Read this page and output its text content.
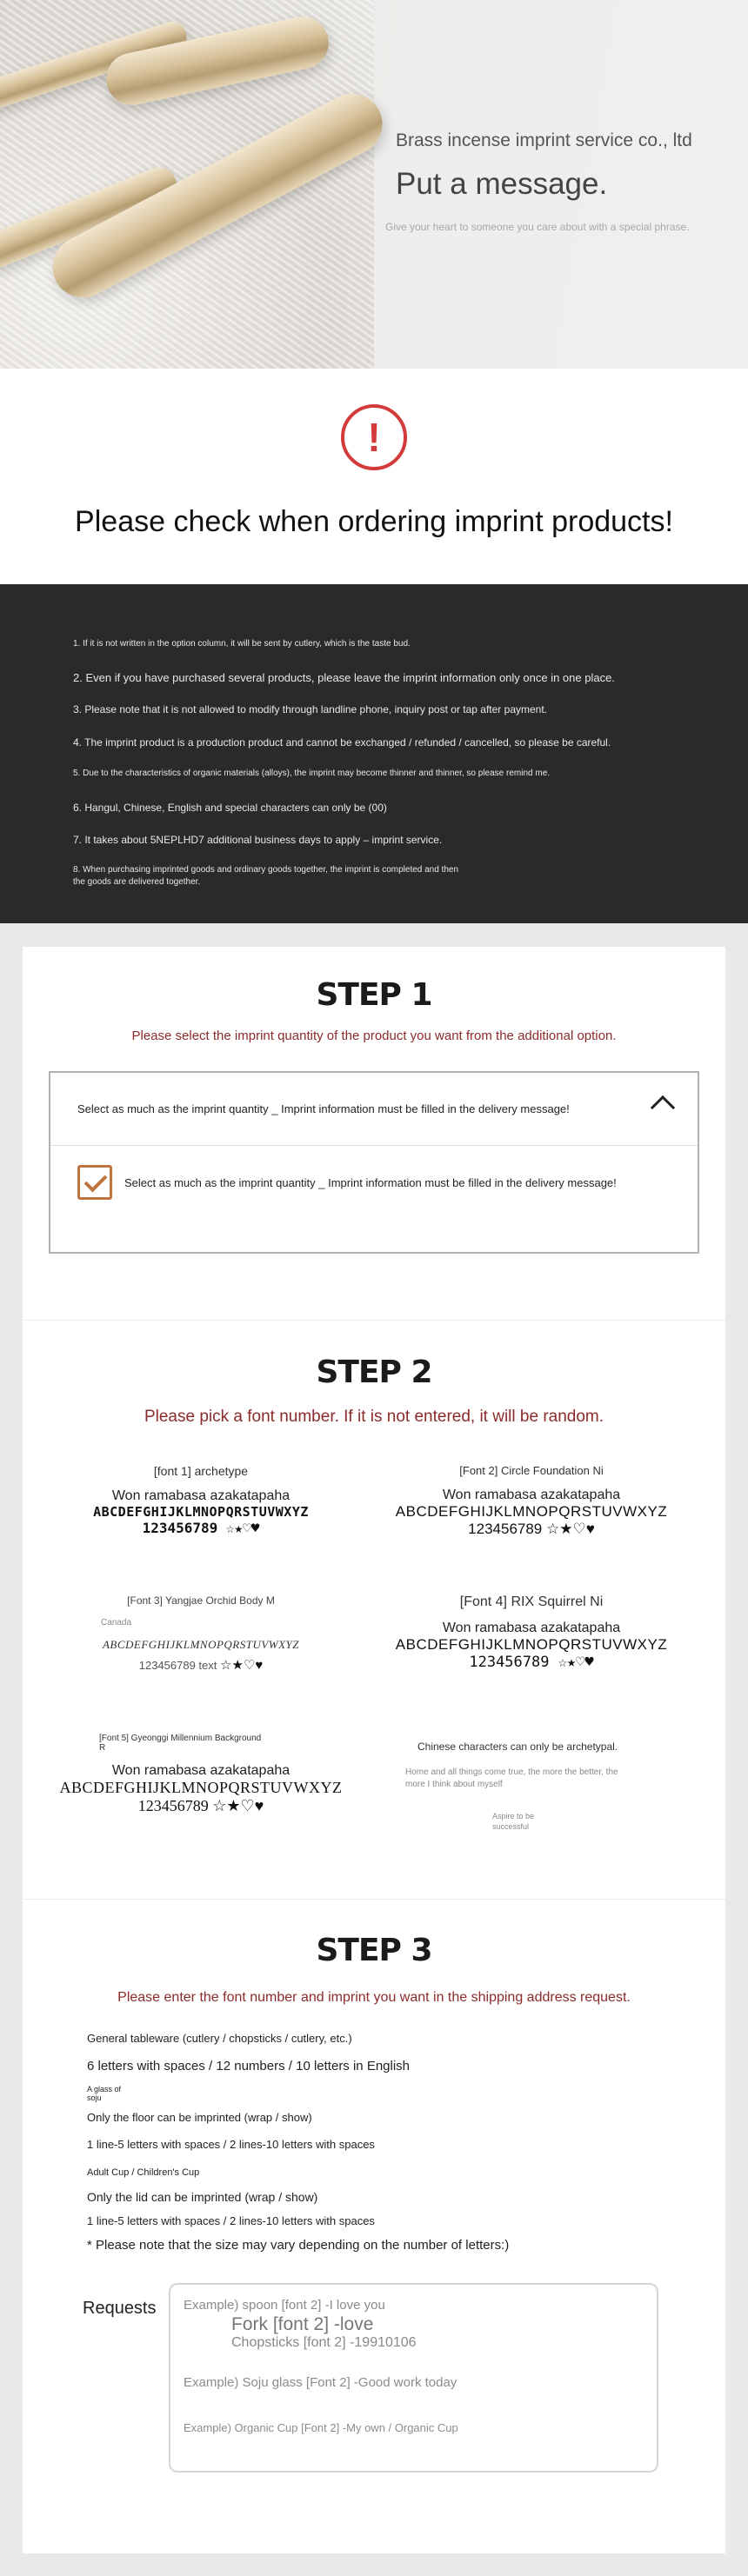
Brass incense imprint service co., ltd
Put a message.
Give your heart to someone you care about with a special phrase.
!
Please check when ordering imprint products!
1. If it is not written in the option column, it will be sent by cutlery, which is the taste bud.
2. Even if you have purchased several products, please leave the imprint information only once in one place.
3. Please note that it is not allowed to modify through landline phone, inquiry post or tap after payment.
4. The imprint product is a production product and cannot be exchanged / refunded / cancelled, so please be careful.
5. Due to the characteristics of organic materials (alloys), the imprint may become thinner and thinner, so please remind me.
6. Hangul, Chinese, English and special characters can only be (00)
7. It takes about 5NEPLHD7 additional business days to apply – imprint service.
8. When purchasing imprinted goods and ordinary goods together, the imprint is completed and then
the goods are delivered together.
STEP 1
Please select the imprint quantity of the product you want from the additional option.
Select as much as the imprint quantity _ Imprint information must be filled in the delivery message!
Select as much as the imprint quantity _ Imprint information must be filled in the delivery message!
STEP 2
Please pick a font number. If it is not entered, it will be random.
[font 1] archetype
Won ramabasa azakatapaha
ABCDEFGHIJKLMNOPQRSTUVWXYZ
123456789 ☆★♡♥
[Font 2] Circle Foundation Ni
Won ramabasa azakatapaha
ABCDEFGHIJKLMNOPQRSTUVWXYZ
123456789 ☆★♡♥
[Font 3] Yangjae Orchid Body M
Canada
ABCDEFGHIJKLMNOPQRSTUVWXYZ
123456789 text ☆★♡♥
[Font 4] RIX Squirrel Ni
Won ramabasa azakatapaha
ABCDEFGHIJKLMNOPQRSTUVWXYZ
123456789 ☆★♡♥
[Font 5] Gyeonggi Millennium Background
R
Won ramabasa azakatapaha
ABCDEFGHIJKLMNOPQRSTUVWXYZ
123456789 ☆★♡♥
Chinese characters can only be archetypal.
Home and all things come true, the more the better, the
more I think about myself
Aspire to be
successful
STEP 3
Please enter the font number and imprint you want in the shipping address request.
General tableware (cutlery / chopsticks / cutlery, etc.)
6 letters with spaces / 12 numbers / 10 letters in English
A glass of
soju
Only the floor can be imprinted (wrap / show)
1 line-5 letters with spaces / 2 lines-10 letters with spaces
Adult Cup / Children's Cup
Only the lid can be imprinted (wrap / show)
1 line-5 letters with spaces / 2 lines-10 letters with spaces
* Please note that the size may vary depending on the number of letters:)
Requests Example) spoon [font 2] -I love you
Fork [font 2] -love
Chopsticks [font 2] -19910106
Example) Soju glass [Font 2] -Good work today
Example) Organic Cup [Font 2] -My own / Organic Cup
